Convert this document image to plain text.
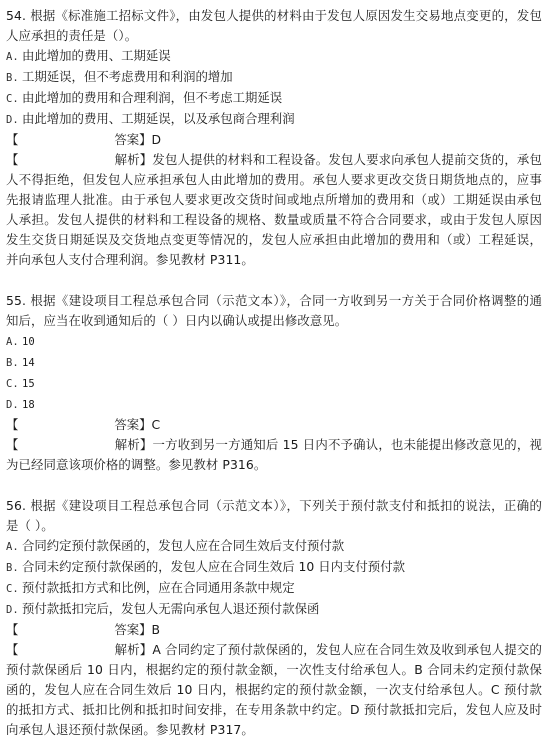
54. 根据《标准施工招标文件》，由发包人提供的材料由于发包人原因发生交易地点变更的，发包人应承担的责任是（）。

A. 由此增加的费用、工期延误

B. 工期延误，但不考虑费用和利润的增加

C. 由此增加的费用和合理利润，但不考虑工期延误

D. 由此增加的费用、工期延误，以及承包商合理利润

【	答案】D

【	解析】发包人提供的材料和工程设备。发包人要求向承包人提前交货的，承包人不得拒绝，但发包人应承担承包人由此增加的费用。承包人要求更改交货日期货地点的，应事先报请监理人批准。由于承包人要求更改交货时间或地点所增加的费用和（或）工期延误由承包人承担。发包人提供的材料和工程设备的规格、数量或质量不符合合同要求，或由于发包人原因发生交货日期延误及交货地点变更等情况的，发包人应承担由此增加的费用和（或）工程延误，并向承包人支付合理利润。参见教材 P311。

55. 根据《建设项目工程总承包合同（示范文本）》，合同一方收到另一方关于合同价格调整的通知后，应当在收到通知后的（ ）日内以确认或提出修改意见。

A. 10

B. 14

C. 15

D. 18

【	答案】C

【	解析】一方收到另一方通知后 15 日内不予确认，也未能提出修改意见的，视为已经同意该项价格的调整。参见教材 P316。

56. 根据《建设项目工程总承包合同（示范文本）》，下列关于预付款支付和抵扣的说法，正确的是（ ）。

A. 合同约定预付款保函的，发包人应在合同生效后支付预付款

B. 合同未约定预付款保函的，发包人应在合同生效后 10 日内支付预付款

C. 预付款抵扣方式和比例，应在合同通用条款中规定

D. 预付款抵扣完后，发包人无需向承包人退还预付款保函

【	答案】B

【	解析】A 合同约定了预付款保函的，发包人应在合同生效及收到承包人提交的预付款保函后 10 日内，根据约定的预付款金额，一次性支付给承包人。B 合同未约定预付款保函的，发包人应在合同生效后 10 日内，根据约定的预付款金额，一次支付给承包人。C 预付款的抵扣方式、抵扣比例和抵扣时间安排，在专用条款中约定。D 预付款抵扣完后，发包人应及时向承包人退还预付款保函。参见教材 P317。
